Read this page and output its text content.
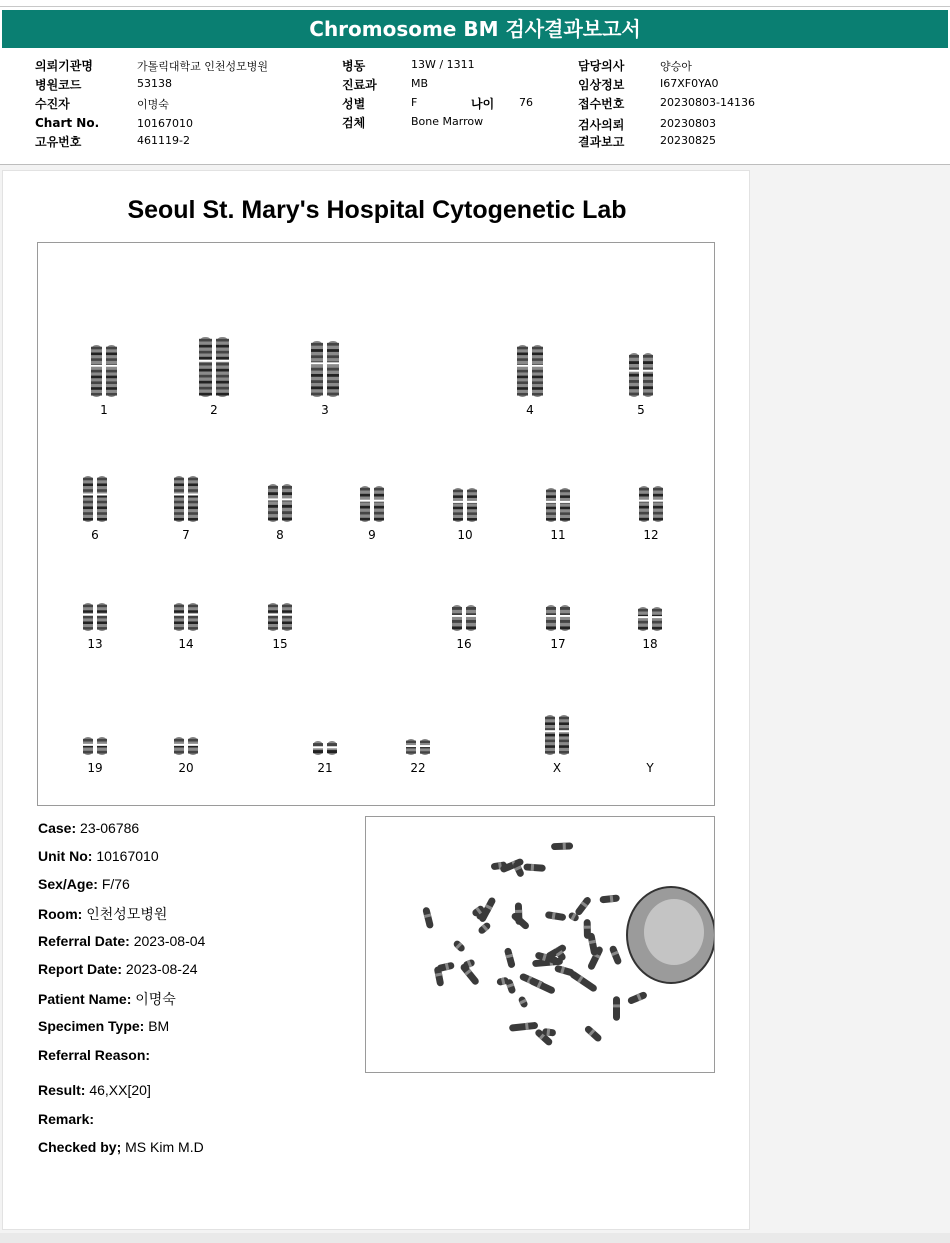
Chromosome BM 검사결과보고서
의뢰기관명	가톨릭대학교 인천성모병원
병원코드	53138
수진자	이명숙
Chart No.	10167010
고유번호	461119-2
병동	13W / 1311
진료과	MB
성별	F	나이 76
검체	Bone Marrow
담당의사	양승아
임상정보	I67XF0YA0
접수번호	20230803-14136
검사의뢰	20230803
결과보고	20230825
Seoul St. Mary's Hospital Cytogenetic Lab
1	2	3	4	5
6	7	8	9	10	11	12
13	14	15	16	17	18
19	20	21	22	X	Y
Case: 23-06786
Unit No: 10167010
Sex/Age: F/76
Room: 인천성모병원
Referral Date: 2023-08-04
Report Date: 2023-08-24
Patient Name: 이명숙
Specimen Type: BM
Referral Reason:
Result: 46,XX[20]
Remark:
Checked by; MS Kim M.D
